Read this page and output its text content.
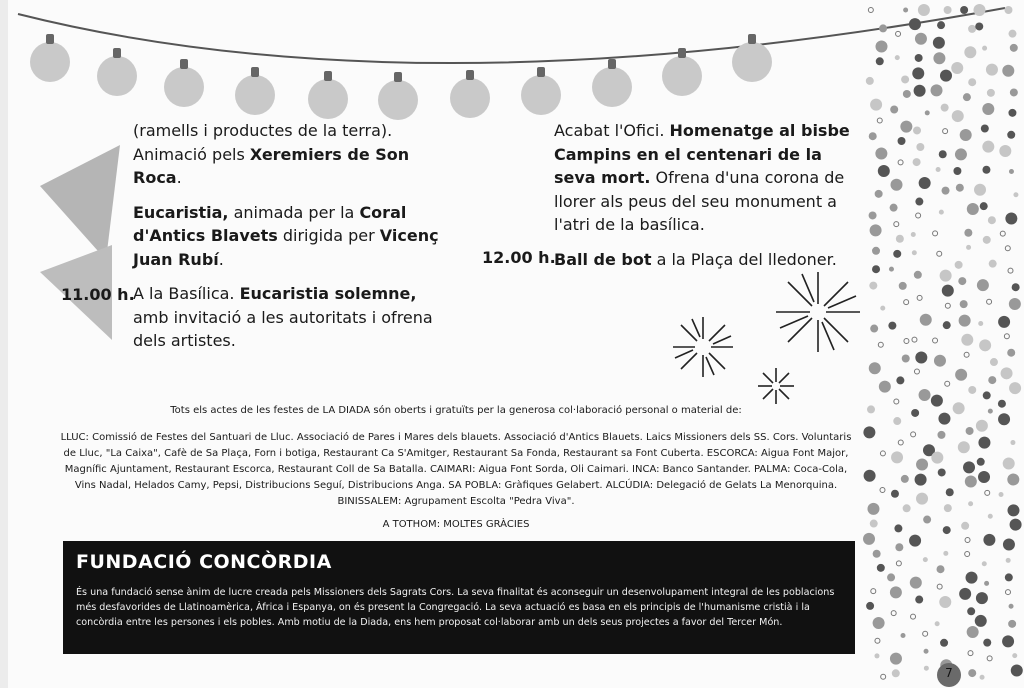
(ramells i productes de la terra). Animació pels Xeremiers de Son Roca.

Eucaristia, animada per la Coral d'Antics Blavets dirigida per Vicenç Juan Rubí.

A la Basílica. Eucaristia solemne, amb invitació a les autoritats i ofrena dels artistes.

11.00 h.

Acabat l'Ofici. Homenatge al bisbe Campins en el centenari de la seva mort. Ofrena d'una corona de llorer als peus del seu monument a l'atri de la basílica.

Ball de bot a la Plaça del lledoner.

12.00 h.
Tots els actes de les festes de LA DIADA són oberts i gratuïts per la generosa col·laboració personal o material de:
LLUC: Comissió de Festes del Santuari de Lluc. Associació de Pares i Mares dels blauets. Associació d'Antics Blauets. Laics Missioners dels SS. Cors. Voluntaris de Lluc, "La Caixa", Cafè de Sa Plaça, Forn i botiga, Restaurant Ca S'Amitger, Restaurant Sa Fonda, Restaurant sa Font Cuberta. ESCORCA: Aigua Font Major, Magnífic Ajuntament, Restaurant Escorca, Restaurant Coll de Sa Batalla. CAIMARI: Aigua Font Sorda, Oli Caimari. INCA: Banco Santander. PALMA: Coca-Cola, Vins Nadal, Helados Camy, Pepsi, Distribucions Seguí, Distribucions Anga. SA POBLA: Gràfiques Gelabert. ALCÚDIA: Delegació de Gelats La Menorquina. BINISSALEM: Agrupament Escolta "Pedra Viva".
A TOTHOM: MOLTES GRÀCIES
FUNDACIÓ CONCÒRDIA
És una fundació sense ànim de lucre creada pels Missioners dels Sagrats Cors. La seva finalitat és aconseguir un desenvolupament integral de les poblacions més desfavorides de Llatinoamèrica, Àfrica i Espanya, on és present la Congregació. La seva actuació es basa en els principis de l'humanisme cristià i la concòrdia entre les persones i els pobles. Amb motiu de la Diada, ens hem proposat col·laborar amb un dels seus projectes a favor del Tercer Món.
7
